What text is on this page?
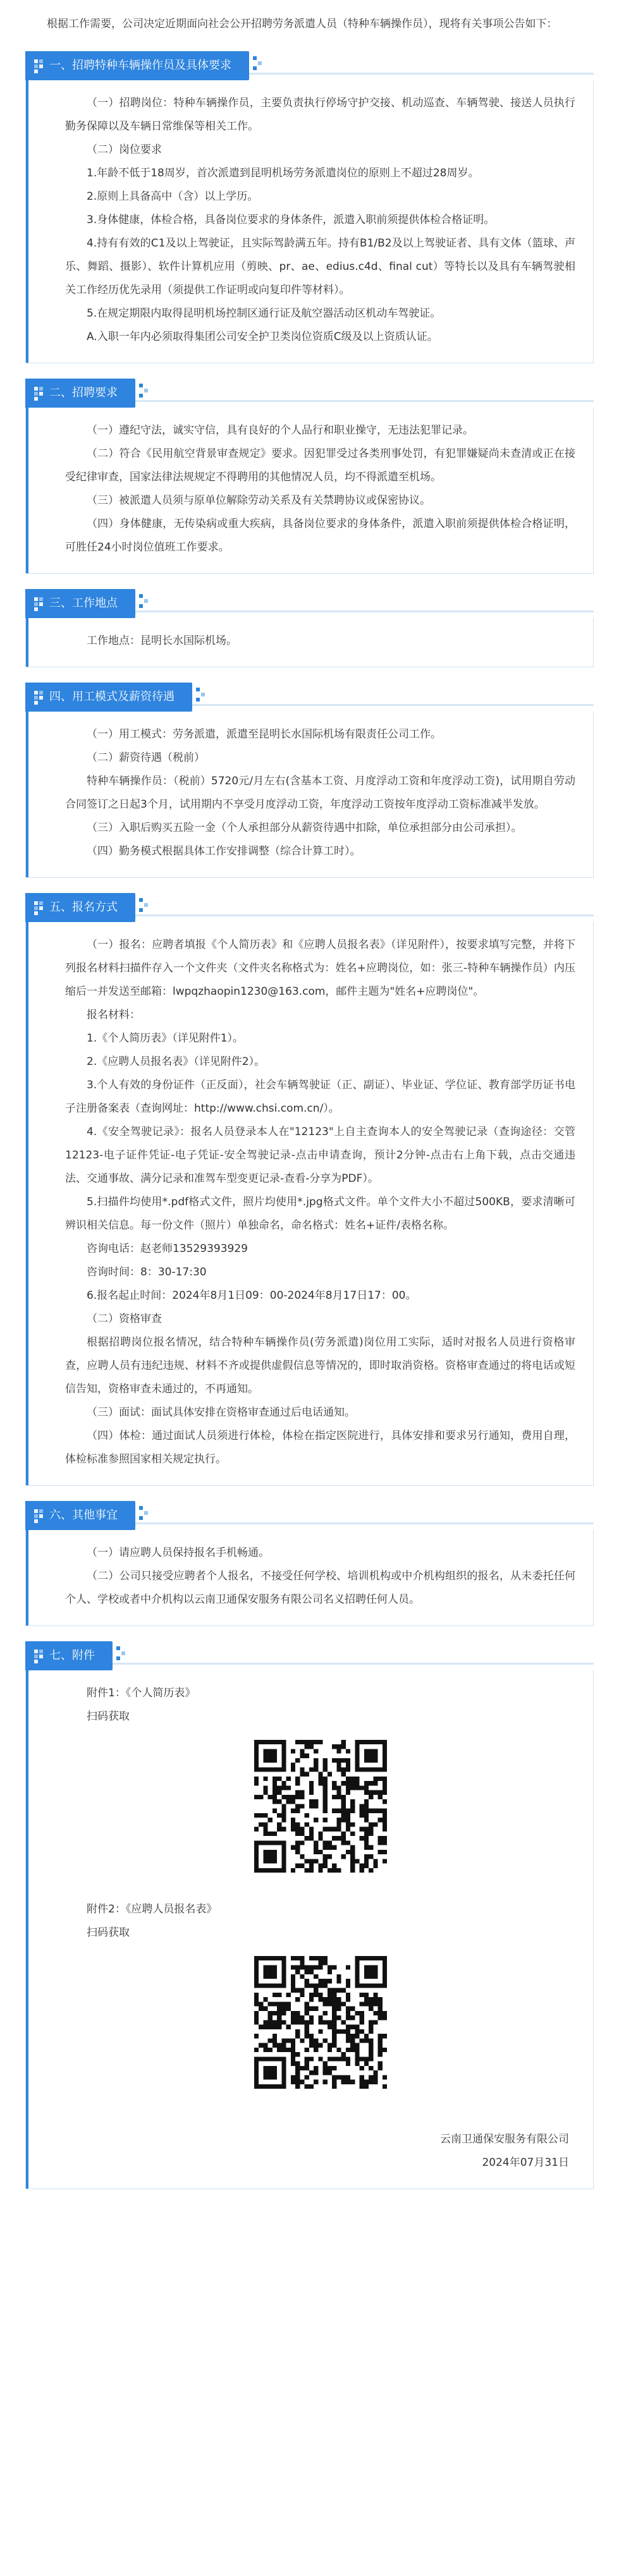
根据工作需要，公司决定近期面向社会公开招聘劳务派遣人员（特种车辆操作员），现将有关事项公告如下：

一、招聘特种车辆操作员及具体要求

（一）招聘岗位：特种车辆操作员，主要负责执行停场守护交接、机动巡查、车辆驾驶、接送人员执行勤务保障以及车辆日常维保等相关工作。

（二）岗位要求

1.年龄不低于18周岁，首次派遣到昆明机场劳务派遣岗位的原则上不超过28周岁。

2.原则上具备高中（含）以上学历。

3.身体健康，体检合格，具备岗位要求的身体条件，派遣入职前须提供体检合格证明。

4.持有有效的C1及以上驾驶证，且实际驾龄满五年。持有B1/B2及以上驾驶证者、具有文体（篮球、声乐、舞蹈、摄影）、软件计算机应用（剪映、pr、ae、edius.c4d、final cut）等特长以及具有车辆驾驶相关工作经历优先录用（须提供工作证明或向复印件等材料）。

5.在规定期限内取得昆明机场控制区通行证及航空器活动区机动车驾驶证。

A.入职一年内必须取得集团公司安全护卫类岗位资质C级及以上资质认证。

二、招聘要求

（一）遵纪守法，诚实守信，具有良好的个人品行和职业操守，无违法犯罪记录。

（二）符合《民用航空背景审查规定》要求。因犯罪受过各类刑事处罚，有犯罪嫌疑尚未查清或正在接受纪律审查，国家法律法规规定不得聘用的其他情况人员，均不得派遣至机场。

（三）被派遣人员须与原单位解除劳动关系及有关禁聘协议或保密协议。

（四）身体健康，无传染病或重大疾病，具备岗位要求的身体条件，派遣入职前须提供体检合格证明，可胜任24小时岗位值班工作要求。

三、工作地点

工作地点：昆明长水国际机场。

四、用工模式及薪资待遇

（一）用工模式：劳务派遣，派遣至昆明长水国际机场有限责任公司工作。

（二）薪资待遇（税前）

特种车辆操作员：（税前）5720元/月左右(含基本工资、月度浮动工资和年度浮动工资)，试用期自劳动合同签订之日起3个月，试用期内不享受月度浮动工资，年度浮动工资按年度浮动工资标准减半发放。

（三）入职后购买五险一金（个人承担部分从薪资待遇中扣除，单位承担部分由公司承担）。

（四）勤务模式根据具体工作安排调整（综合计算工时）。

五、报名方式

（一）报名：应聘者填报《个人简历表》和《应聘人员报名表》（详见附件），按要求填写完整，并将下列报名材料扫描件存入一个文件夹（文件夹名称格式为：姓名+应聘岗位，如：张三-特种车辆操作员）内压缩后一并发送至邮箱：lwpqzhaopin1230@163.com，邮件主题为"姓名+应聘岗位"。

报名材料：

1.《个人简历表》（详见附件1）。

2.《应聘人员报名表》（详见附件2）。

3.个人有效的身份证件（正反面），社会车辆驾驶证（正、副证）、毕业证、学位证、教育部学历证书电子注册备案表（查询网址：http://www.chsi.com.cn/）。

4.《安全驾驶记录》：报名人员登录本人在"12123"上自主查询本人的安全驾驶记录（查询途径：交管12123-电子证件凭证-电子凭证-安全驾驶记录-点击申请查询，预计2分钟-点击右上角下载，点击交通违法、交通事故、满分记录和准驾车型变更记录-查看-分享为PDF）。

5.扫描件均使用*.pdf格式文件，照片均使用*.jpg格式文件。单个文件大小不超过500KB，要求清晰可辨识相关信息。每一份文件（照片）单独命名，命名格式：姓名+证件/表格名称。

咨询电话：赵老师13529393929

咨询时间：8：30-17:30

6.报名起止时间：2024年8月1日09：00-2024年8月17日17：00。

（二）资格审查

根据招聘岗位报名情况，结合特种车辆操作员(劳务派遣)岗位用工实际，适时对报名人员进行资格审查，应聘人员有违纪违规、材料不齐或提供虚假信息等情况的，即时取消资格。资格审查通过的将电话或短信告知，资格审查未通过的，不再通知。

（三）面试：面试具体安排在资格审查通过后电话通知。

（四）体检：通过面试人员须进行体检，体检在指定医院进行，具体安排和要求另行通知，费用自理，体检标准参照国家相关规定执行。

六、其他事宜

（一）请应聘人员保持报名手机畅通。

（二）公司只接受应聘者个人报名，不接受任何学校、培训机构或中介机构组织的报名，从未委托任何个人、学校或者中介机构以云南卫通保安服务有限公司名义招聘任何人员。

七、附件

附件1：《个人简历表》

扫码获取

附件2：《应聘人员报名表》

扫码获取

云南卫通保安服务有限公司

2024年07月31日
